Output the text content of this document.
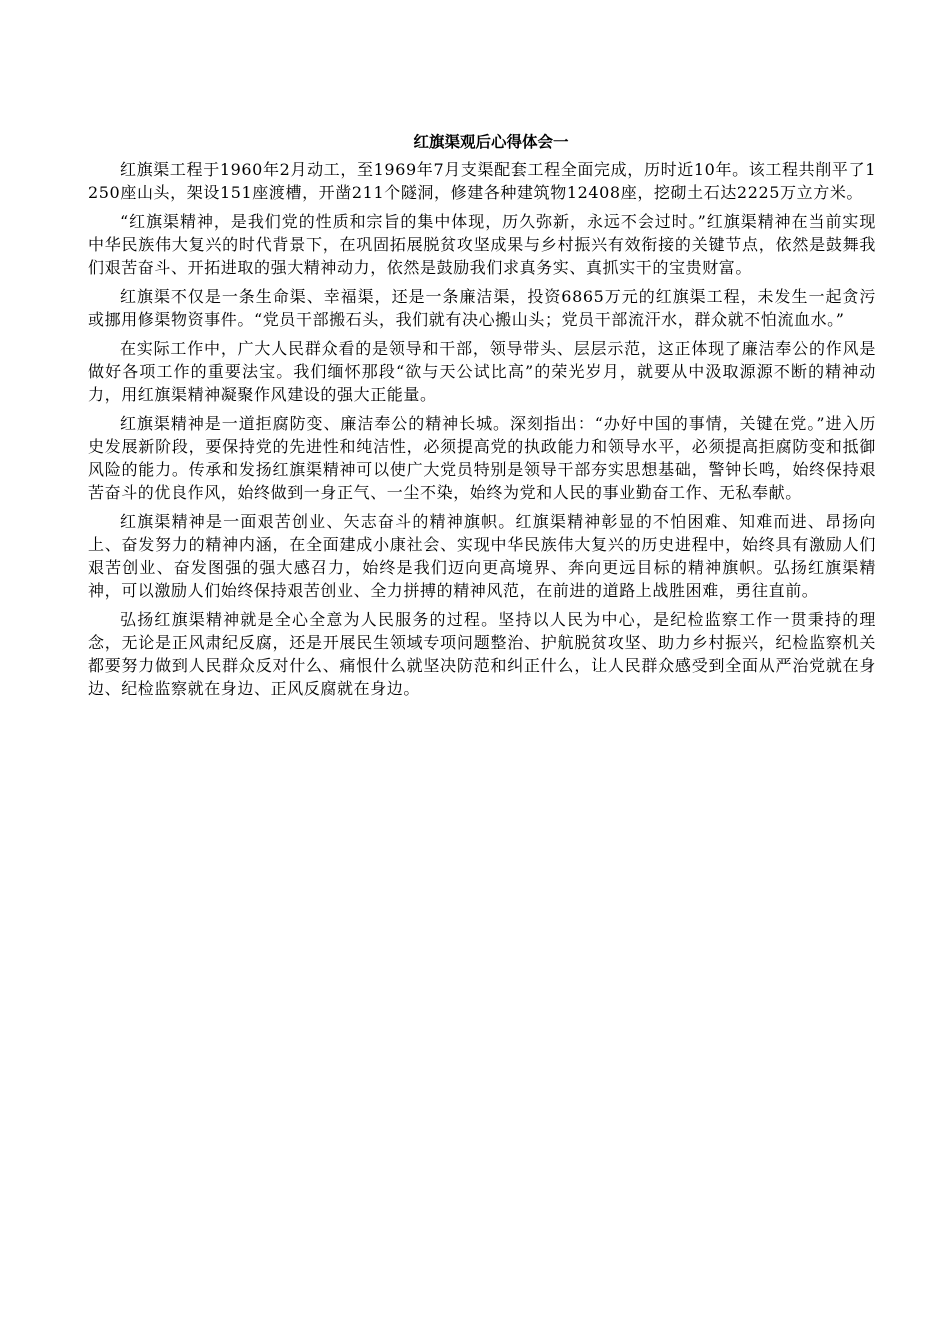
红旗渠观后心得体会一

红旗渠工程于1960年2月动工，至1969年7月支渠配套工程全面完成，历时近10年。该工程共削平了1250座山头，架设151座渡槽，开凿211个隧洞，修建各种建筑物12408座，挖砌土石达2225万立方米。

“红旗渠精神，是我们党的性质和宗旨的集中体现，历久弥新，永远不会过时。”红旗渠精神在当前实现中华民族伟大复兴的时代背景下，在巩固拓展脱贫攻坚成果与乡村振兴有效衔接的关键节点，依然是鼓舞我们艰苦奋斗、开拓进取的强大精神动力，依然是鼓励我们求真务实、真抓实干的宝贵财富。

红旗渠不仅是一条生命渠、幸福渠，还是一条廉洁渠，投资6865万元的红旗渠工程，未发生一起贪污或挪用修渠物资事件。“党员干部搬石头，我们就有决心搬山头；党员干部流汗水，群众就不怕流血水。”

在实际工作中，广大人民群众看的是领导和干部，领导带头、层层示范，这正体现了廉洁奉公的作风是做好各项工作的重要法宝。我们缅怀那段“欲与天公试比高”的荣光岁月，就要从中汲取源源不断的精神动力，用红旗渠精神凝聚作风建设的强大正能量。

红旗渠精神是一道拒腐防变、廉洁奉公的精神长城。深刻指出：“办好中国的事情，关键在党。”进入历史发展新阶段，要保持党的先进性和纯洁性，必须提高党的执政能力和领导水平，必须提高拒腐防变和抵御风险的能力。传承和发扬红旗渠精神可以使广大党员特别是领导干部夯实思想基础，警钟长鸣，始终保持艰苦奋斗的优良作风，始终做到一身正气、一尘不染，始终为党和人民的事业勤奋工作、无私奉献。

红旗渠精神是一面艰苦创业、矢志奋斗的精神旗帜。红旗渠精神彰显的不怕困难、知难而进、昂扬向上、奋发努力的精神内涵，在全面建成小康社会、实现中华民族伟大复兴的历史进程中，始终具有激励人们艰苦创业、奋发图强的强大感召力，始终是我们迈向更高境界、奔向更远目标的精神旗帜。弘扬红旗渠精神，可以激励人们始终保持艰苦创业、全力拼搏的精神风范，在前进的道路上战胜困难，勇往直前。

弘扬红旗渠精神就是全心全意为人民服务的过程。坚持以人民为中心，是纪检监察工作一贯秉持的理念，无论是正风肃纪反腐，还是开展民生领域专项问题整治、护航脱贫攻坚、助力乡村振兴，纪检监察机关都要努力做到人民群众反对什么、痛恨什么就坚决防范和纠正什么，让人民群众感受到全面从严治党就在身边、纪检监察就在身边、正风反腐就在身边。
